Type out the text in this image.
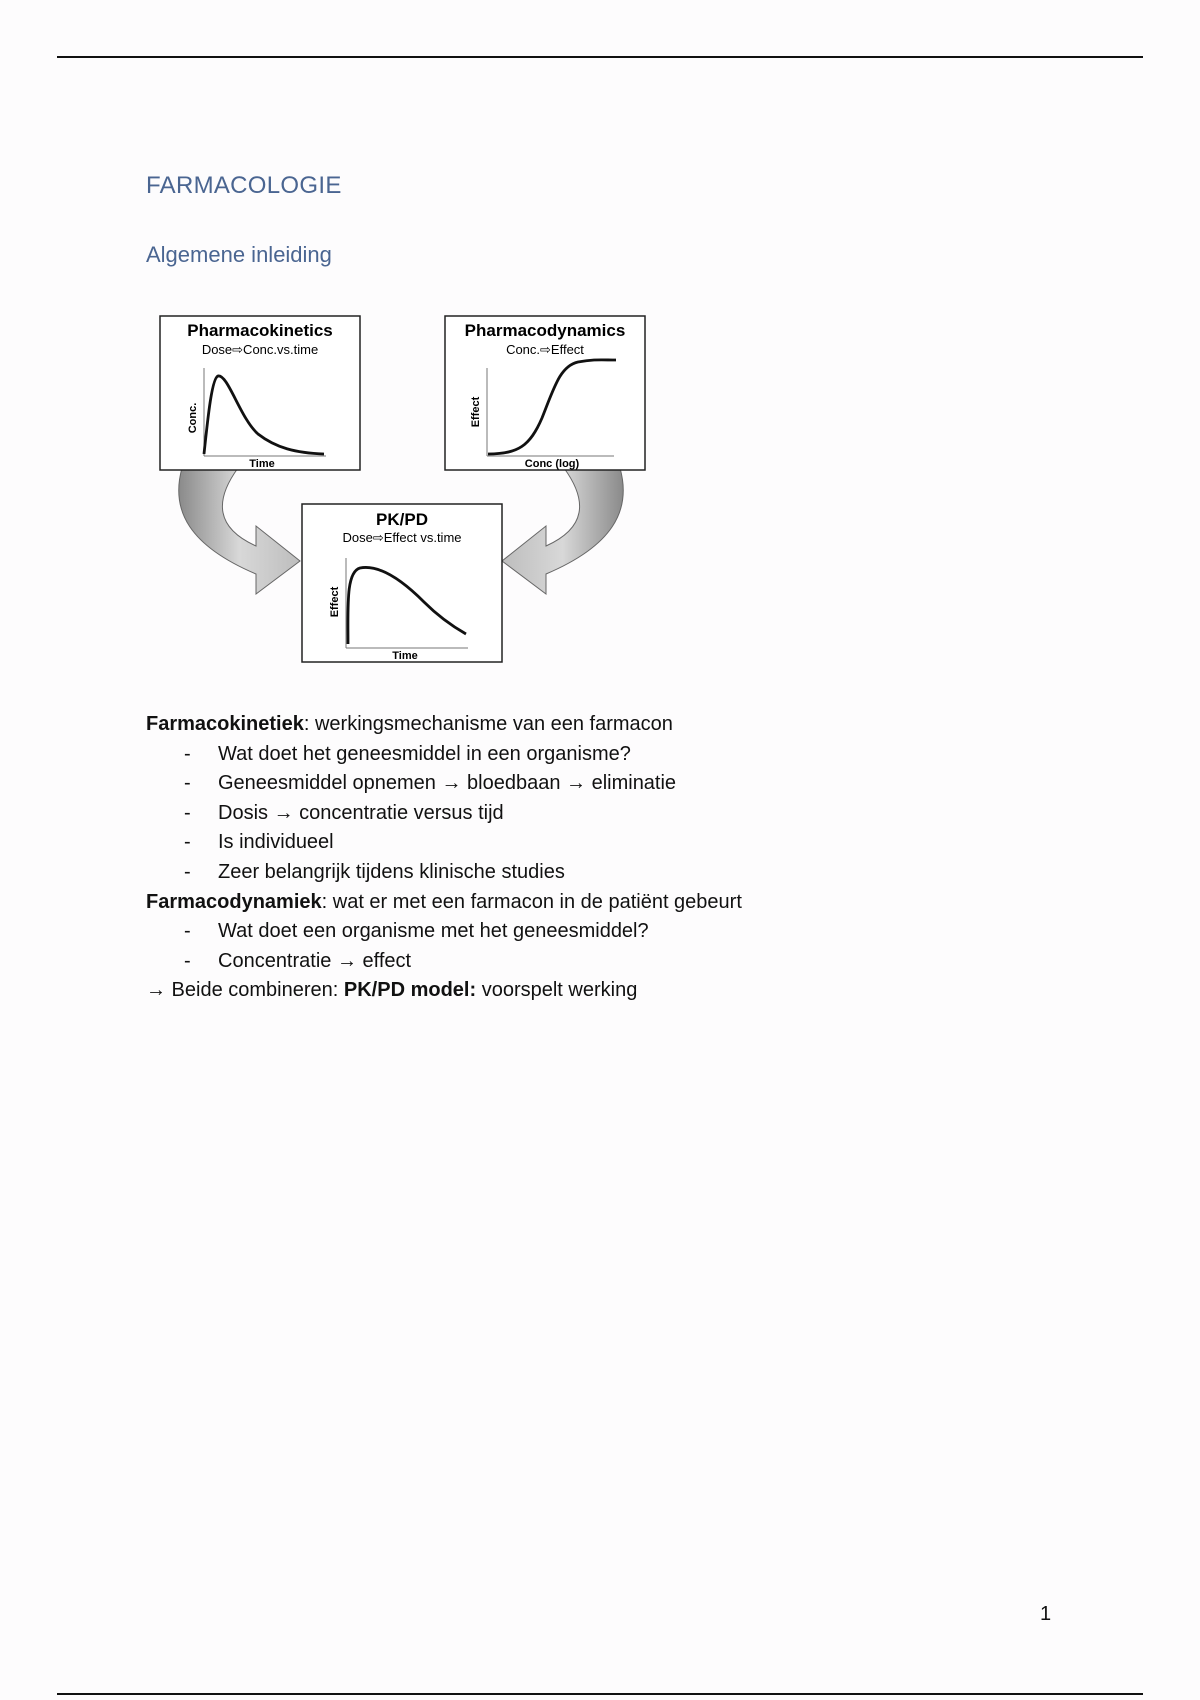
FARMACOLOGIE
Algemene inleiding
Pharmacokinetics
Dose⇨Conc.vs.time
Conc.
Time
Pharmacodynamics
Conc.⇨Effect
Effect
Conc (log)
PK/PD
Dose⇨Effect vs.time
Effect
Time

Farmacokinetiek: werkingsmechanisme van een farmacon

- Wat doet het geneesmiddel in een organisme?
- Geneesmiddel opnemen → bloedbaan → eliminatie
- Dosis → concentratie versus tijd
- Is individueel
- Zeer belangrijk tijdens klinische studies

Farmacodynamiek: wat er met een farmacon in de patiënt gebeurt

- Wat doet een organisme met het geneesmiddel?
- Concentratie → effect

→ Beide combineren: PK/PD model: voorspelt werking

1
